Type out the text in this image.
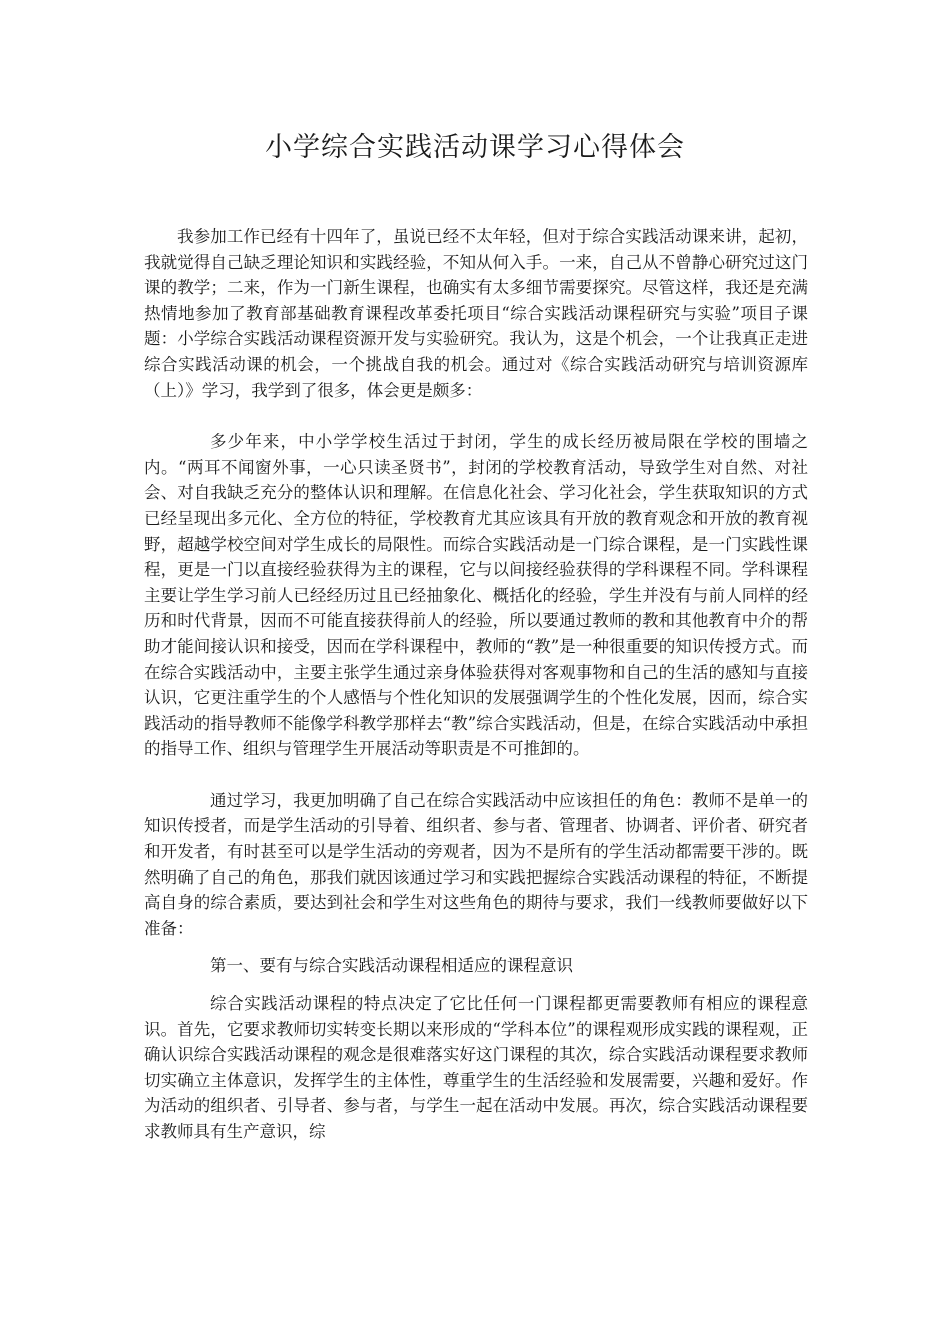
小学综合实践活动课学习心得体会

我参加工作已经有十四年了，虽说已经不太年轻，但对于综合实践活动课来讲，起初，我就觉得自己缺乏理论知识和实践经验，不知从何入手。一来，自己从不曾静心研究过这门课的教学；二来，作为一门新生课程，也确实有太多细节需要探究。尽管这样，我还是充满热情地参加了教育部基础教育课程改革委托项目“综合实践活动课程研究与实验”项目子课题：小学综合实践活动课程资源开发与实验研究。我认为，这是个机会，一个让我真正走进综合实践活动课的机会，一个挑战自我的机会。通过对《综合实践活动研究与培训资源库（上）》学习，我学到了很多，体会更是颇多：

多少年来，中小学学校生活过于封闭，学生的成长经历被局限在学校的围墙之内。“两耳不闻窗外事，一心只读圣贤书”，封闭的学校教育活动，导致学生对自然、对社会、对自我缺乏充分的整体认识和理解。在信息化社会、学习化社会，学生获取知识的方式已经呈现出多元化、全方位的特征，学校教育尤其应该具有开放的教育观念和开放的教育视野，超越学校空间对学生成长的局限性。而综合实践活动是一门综合课程，是一门实践性课程，更是一门以直接经验获得为主的课程，它与以间接经验获得的学科课程不同。学科课程主要让学生学习前人已经经历过且已经抽象化、概括化的经验，学生并没有与前人同样的经历和时代背景，因而不可能直接获得前人的经验，所以要通过教师的教和其他教育中介的帮助才能间接认识和接受，因而在学科课程中，教师的“教”是一种很重要的知识传授方式。而在综合实践活动中，主要主张学生通过亲身体验获得对客观事物和自己的生活的感知与直接认识，它更注重学生的个人感悟与个性化知识的发展强调学生的个性化发展，因而，综合实践活动的指导教师不能像学科教学那样去“教”综合实践活动，但是，在综合实践活动中承担的指导工作、组织与管理学生开展活动等职责是不可推卸的。

通过学习，我更加明确了自己在综合实践活动中应该担任的角色：教师不是单一的知识传授者，而是学生活动的引导着、组织者、参与者、管理者、协调者、评价者、研究者和开发者，有时甚至可以是学生活动的旁观者，因为不是所有的学生活动都需要干涉的。既然明确了自己的角色，那我们就因该通过学习和实践把握综合实践活动课程的特征，不断提高自身的综合素质，要达到社会和学生对这些角色的期待与要求，我们一线教师要做好以下准备：

第一、要有与综合实践活动课程相适应的课程意识

综合实践活动课程的特点决定了它比任何一门课程都更需要教师有相应的课程意识。首先，它要求教师切实转变长期以来形成的“学科本位”的课程观形成实践的课程观，正确认识综合实践活动课程的观念是很难落实好这门课程的其次，综合实践活动课程要求教师切实确立主体意识，发挥学生的主体性，尊重学生的生活经验和发展需要，兴趣和爱好。作为活动的组织者、引导者、参与者，与学生一起在活动中发展。再次，综合实践活动课程要求教师具有生产意识，综
